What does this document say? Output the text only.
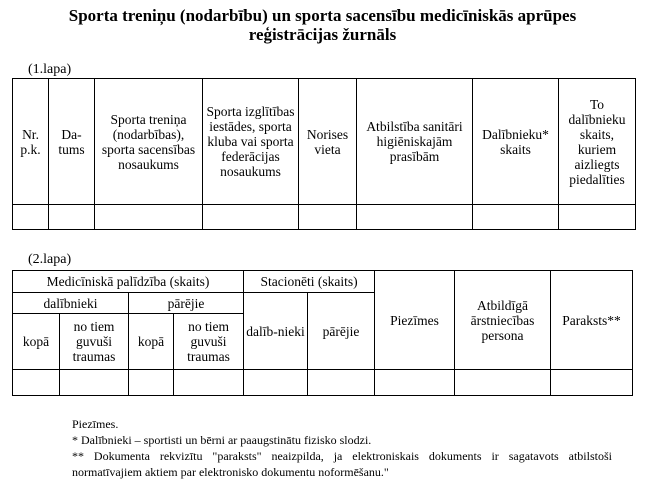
Sporta treniņu (nodarbību) un sporta sacensību medicīniskās aprūpes
reģistrācijas žurnāls
(1.lapa)
Nr. p.k.	Da-tums	Sporta treniņa (nodarbības), sporta sacensības nosaukums	Sporta izglītības iestādes, sporta kluba vai sporta federācijas nosaukums	Norises vieta	Atbilstība sanitāri higiēniskajām prasībām	Dalībnieku* skaits	To dalībnieku skaits, kuriem aizliegts piedalīties

(2.lapa)
Medicīniskā palīdzība (skaits)				Stacionēti (skaits)		Piezīmes	Atbildīgā ārstniecības persona	Paraksts**
dalībnieki		pārējie		dalīb-nieki	pārējie			
kopā	no tiem guvuši traumas	kopā	no tiem guvuši traumas					

Piezīmes.
* Dalībnieki – sportisti un bērni ar paaugstinātu fizisko slodzi.
** Dokumenta rekvizītu "paraksts" neaizpilda, ja elektroniskais dokuments ir sagatavots atbilstoši
normatīvajiem aktiem par elektronisko dokumentu noformēšanu."
